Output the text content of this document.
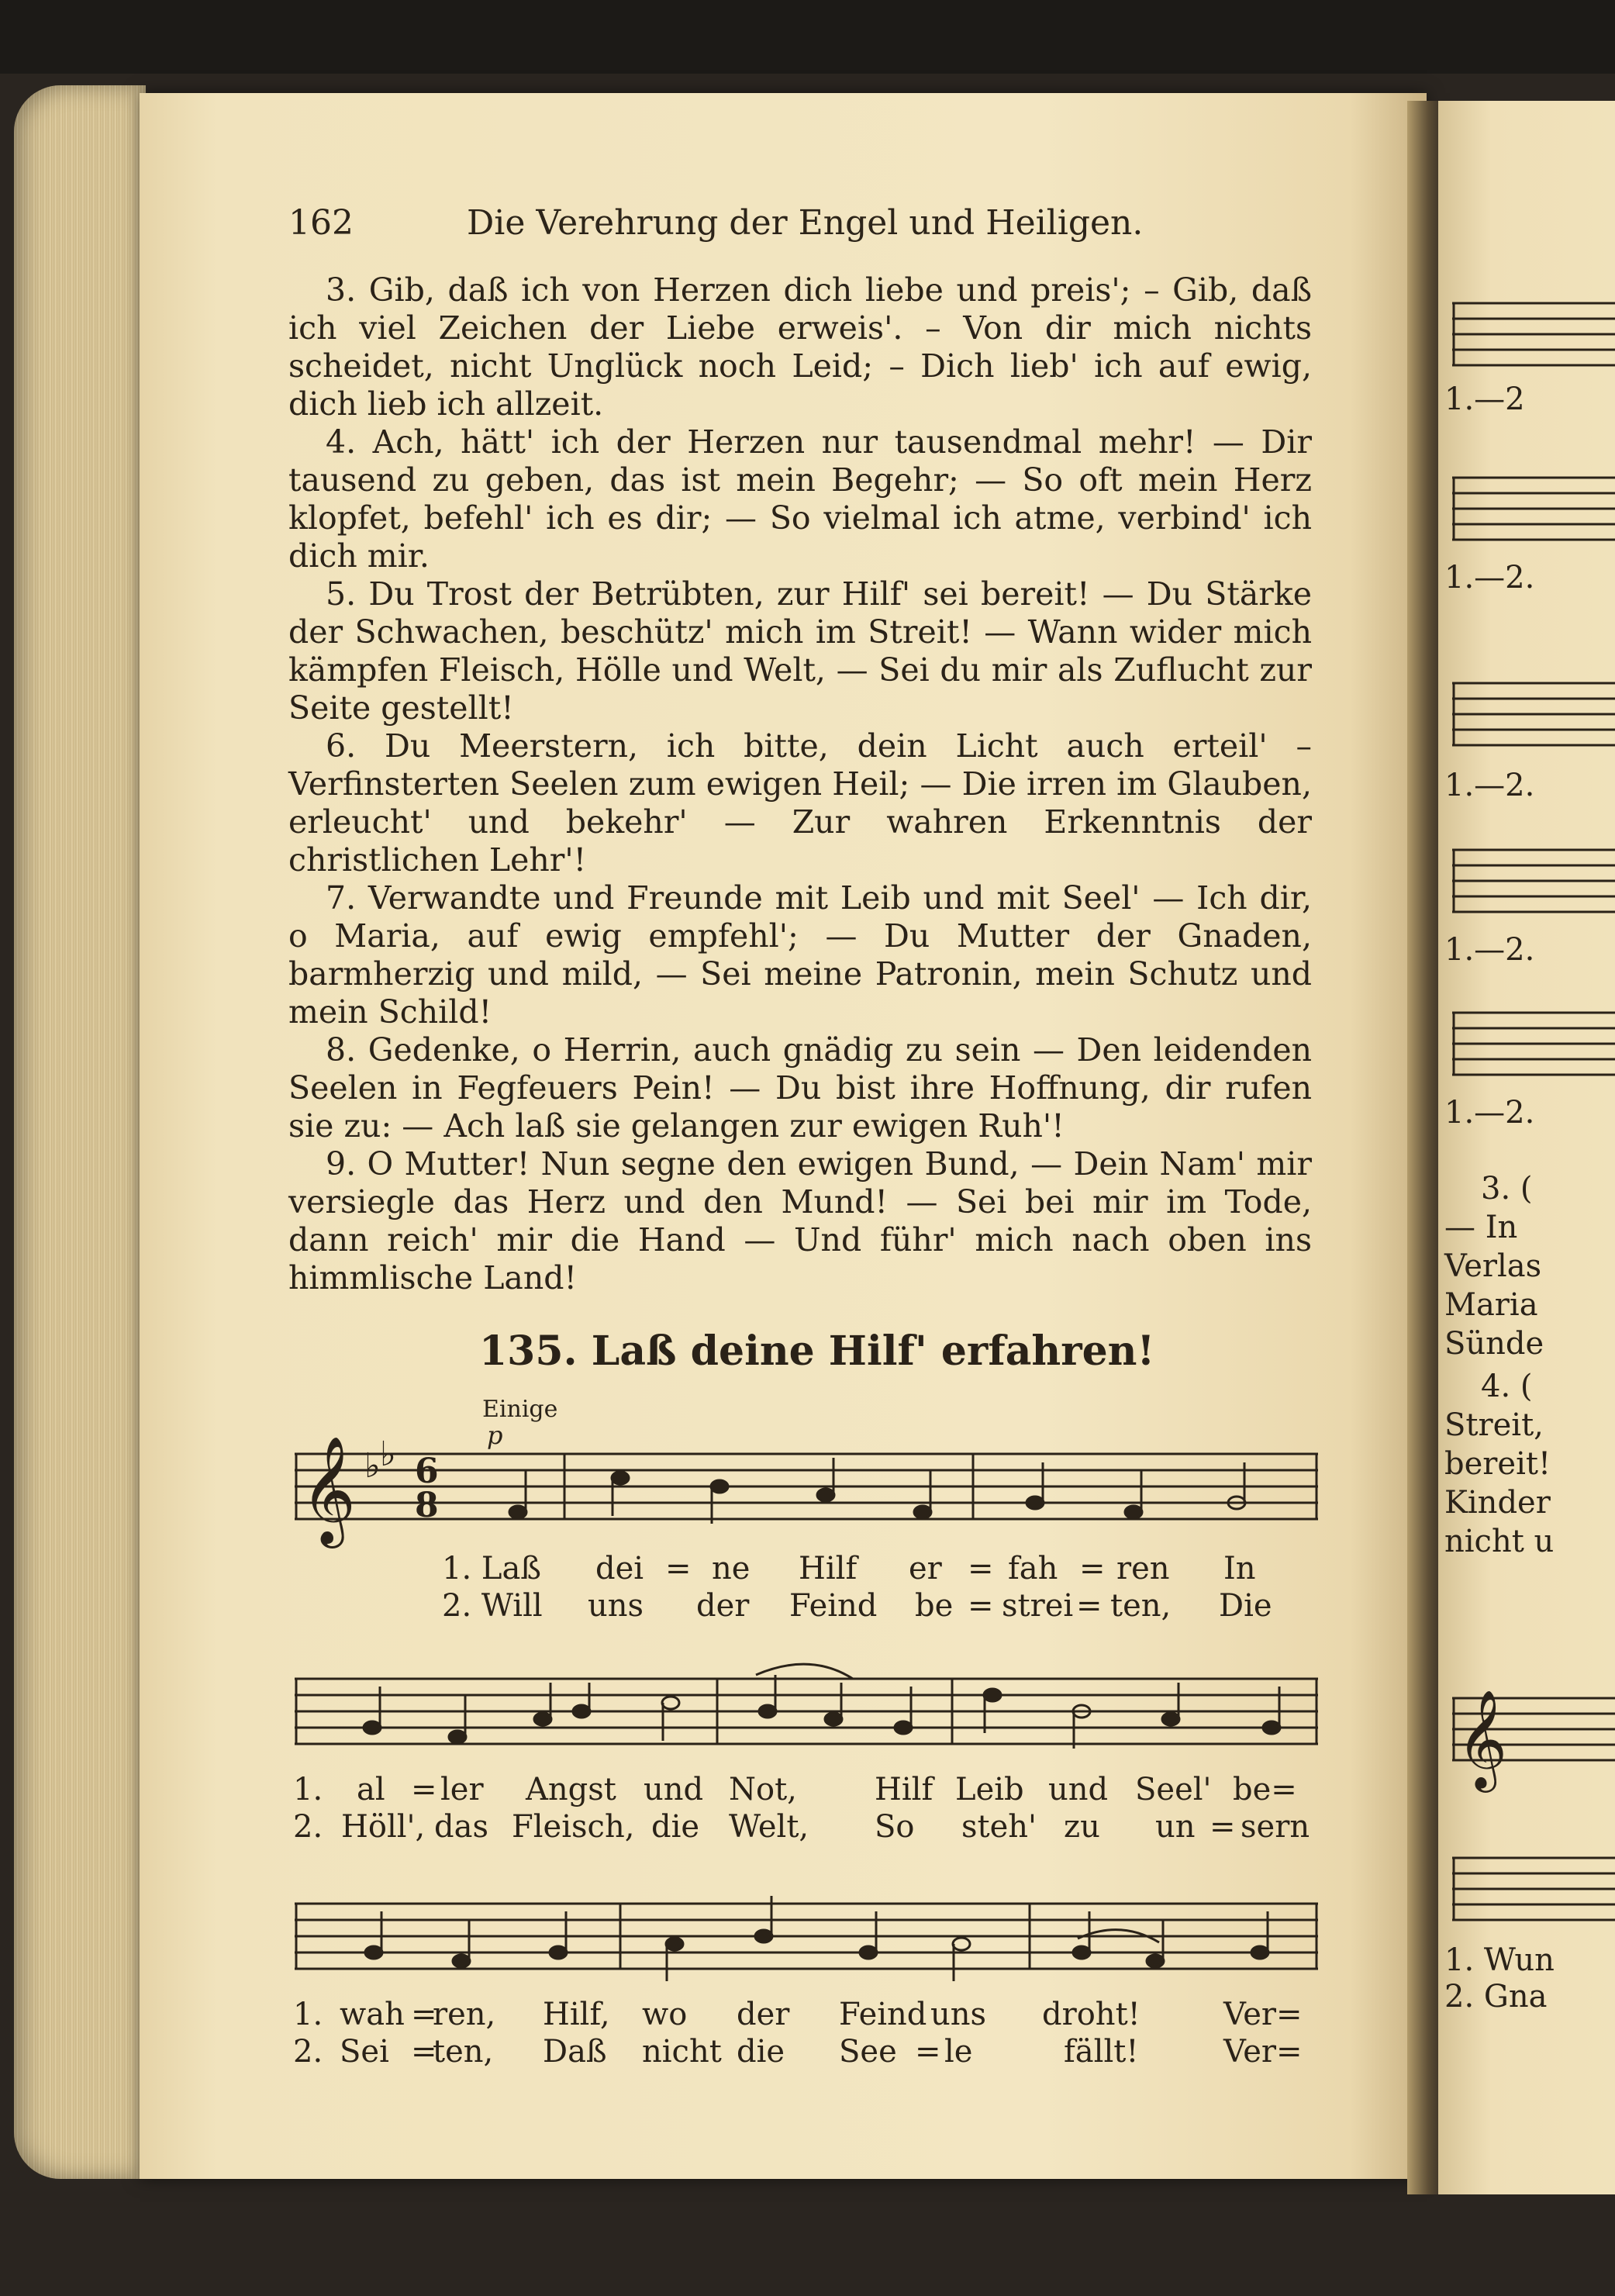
1.—2
1.—2.
1.—2.
1.—2.
1.—2.
3. (
— In
Verlas
Maria
Sünde
4. (
Streit,
bereit!
Kinder
nicht u
𝄞
1. Wun
2. Gna
162	Die Verehrung der Engel und Heiligen.

3. Gib, daß ich von Herzen dich liebe und preis'; – Gib, daß ich viel Zeichen der Liebe erweis'. – Von dir mich nichts scheidet, nicht Unglück noch Leid; – Dich lieb' ich auf ewig, dich lieb ich allzeit.

4. Ach, hätt' ich der Herzen nur tausendmal mehr! — Dir tausend zu geben, das ist mein Begehr; — So oft mein Herz klopfet, befehl' ich es dir; — So vielmal ich atme, verbind' ich dich mir.

5. Du Trost der Betrübten, zur Hilf' sei bereit! — Du Stärke der Schwachen, beschütz' mich im Streit! — Wann wider mich kämpfen Fleisch, Hölle und Welt, — Sei du mir als Zuflucht zur Seite gestellt!

6. Du Meerstern, ich bitte, dein Licht auch erteil' – Verfinsterten Seelen zum ewigen Heil; — Die irren im Glauben, erleucht' und bekehr' — Zur wahren Erkenntnis der christlichen Lehr'!

7. Verwandte und Freunde mit Leib und mit Seel' — Ich dir, o Maria, auf ewig empfehl'; — Du Mutter der Gnaden, barmherzig und mild, — Sei meine Patronin, mein Schutz und mein Schild!

8. Gedenke, o Herrin, auch gnädig zu sein — Den leidenden Seelen in Fegfeuers Pein! — Du bist ihre Hoffnung, dir rufen sie zu: — Ach laß sie gelangen zur ewigen Ruh'!

9. O Mutter! Nun segne den ewigen Bund, — Dein Nam' mir versiegle das Herz und den Mund! — Sei bei mir im Tode, dann reich' mir die Hand — Und führ' mich nach oben ins himmlische Land!

135. Laß deine Hilf' erfahren!
Einige
p
𝄞 ♭ ♭ 6
8
1. Laß dei = ne Hilf er = fah = ren In
2. Will uns der Feind be = strei = ten, Die
1. al = ler Angst und Not,	Hilf Leib und Seel' be=
2. Höll', das Fleisch, die Welt, So steh' zu un = sern
1. wah =
ren, Hilf, wo der Feind uns droht!	Ver=
2. Sei =
ten, Daß nicht die See = le	fällt!	Ver=
